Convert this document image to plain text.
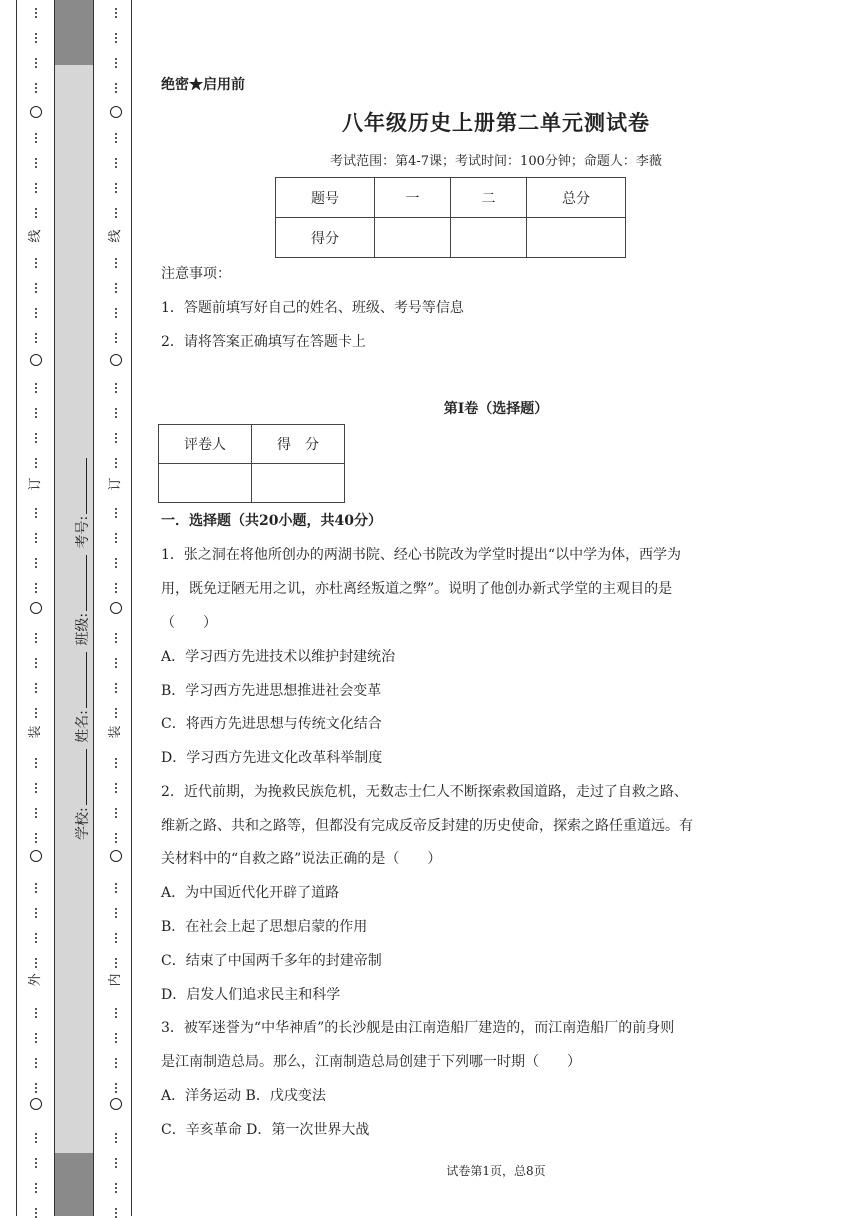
线
订
装
外
线
订
装
内
学校: 姓名: 班级: 考号:
绝密★启用前
八年级历史上册第二单元测试卷
考试范围：第4-7课；考试时间：100分钟；命题人：李薇
题号	一	二	总分
得分			
注意事项：
1．答题前填写好自己的姓名、班级、考号等信息
2．请将答案正确填写在答题卡上
第I卷（选择题）
评卷人	得　分

一．选择题（共20小题，共40分）
1．张之洞在将他所创办的两湖书院、经心书院改为学堂时提出“以中学为体，西学为
用，既免迂陋无用之讥，亦杜离经叛道之弊”。说明了他创办新式学堂的主观目的是
（　　）
A．学习西方先进技术以维护封建统治
B．学习西方先进思想推进社会变革
C．将西方先进思想与传统文化结合
D．学习西方先进文化改革科举制度
2．近代前期，为挽救民族危机，无数志士仁人不断探索救国道路，走过了自救之路、
维新之路、共和之路等，但都没有完成反帝反封建的历史使命，探索之路任重道远。有
关材料中的“自救之路”说法正确的是（　　）
A．为中国近代化开辟了道路
B．在社会上起了思想启蒙的作用
C．结束了中国两千多年的封建帝制
D．启发人们追求民主和科学
3．被军迷誉为“中华神盾”的长沙舰是由江南造船厂建造的，而江南造船厂的前身则
是江南制造总局。那么，江南制造总局创建于下列哪一时期（　　）
A．洋务运动 B．戊戌变法
C．辛亥革命 D．第一次世界大战
试卷第1页，总8页
